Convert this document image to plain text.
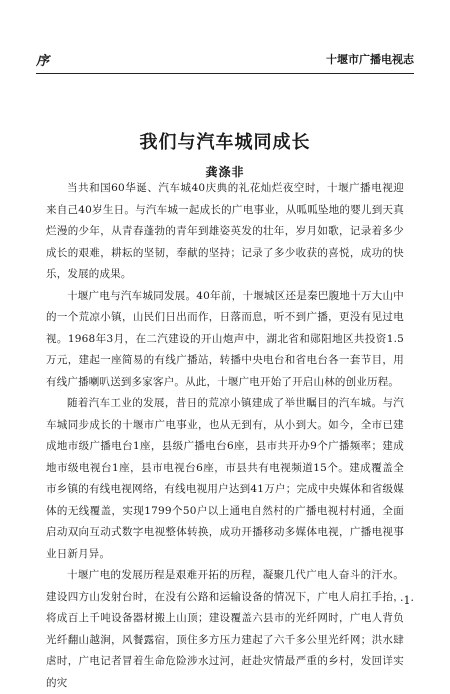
序	十堰市广播电视志
我们与汽车城同成长
龚涤非

当共和国60华诞、汽车城40庆典的礼花灿烂夜空时，十堰广播电视迎来自己40岁生日。与汽车城一起成长的广电事业，从呱呱坠地的婴儿到天真烂漫的少年，从青春蓬勃的青年到雄姿英发的壮年，岁月如歌，记录着多少成长的艰难，耕耘的坚韧，奉献的坚持；记录了多少收获的喜悦，成功的快乐，发展的成果。

十堰广电与汽车城同发展。40年前，十堰城区还是秦巴腹地十万大山中的一个荒凉小镇，山民们日出而作，日落而息，听不到广播，更没有见过电视。1968年3月，在二汽建设的开山炮声中，湖北省和郧阳地区共投资1.5万元，建起一座简易的有线广播站，转播中央电台和省电台各一套节目，用有线广播喇叭送到多家客户。从此，十堰广电开始了开启山林的创业历程。

随着汽车工业的发展，昔日的荒凉小镇建成了举世瞩目的汽车城。与汽车城同步成长的十堰市广电事业，也从无到有，从小到大。如今，全市已建成地市级广播电台1座，县级广播电台6座，县市共开办9个广播频率；建成地市级电视台1座，县市电视台6座，市县共有电视频道15个。建成覆盖全市乡镇的有线电视网络，有线电视用户达到41万户；完成中央媒体和省级媒体的无线覆盖，实现1799个50户以上通电自然村的广播电视村村通，全面启动双向互动式数字电视整体转换，成功开播移动多媒体电视，广播电视事业日新月异。

十堰广电的发展历程是艰难开拓的历程，凝聚几代广电人奋斗的汗水。建设四方山发射台时，在没有公路和运输设备的情况下，广电人肩扛手抬，将成百上千吨设备器材搬上山顶；建设覆盖六县市的光纤网时，广电人背负光纤翻山越涧，风餐露宿，顶住多方压力建起了六千多公里光纤网；洪水肆虐时，广电记者冒着生命危险涉水过河，赶赴灾情最严重的乡村，发回详实的灾

·1·
